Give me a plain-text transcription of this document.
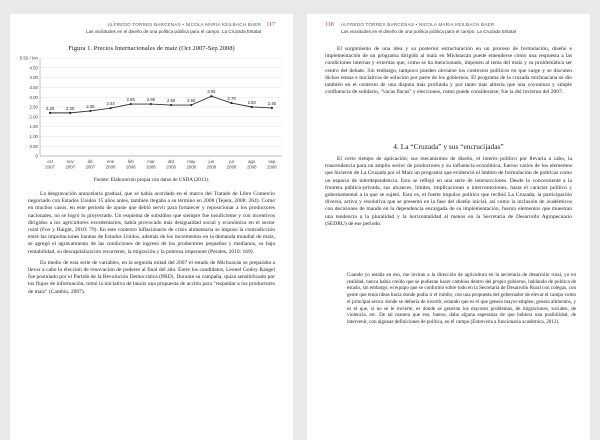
ALFREDO TORRES BARCENAS • NICOLA MARIA KEILBACH BAER
Las vicisitudes en el diseño de una política pública para el campo. La Cruzada Estatal
117
Figura 1. Precios Internacionales de maíz (Oct 2007-Sep 2008)
0
0.50
1.00
1.50
2.00
2.50
3.00
3.50
4.00
4.50
5.50 / ton
oct
2007
nov
2007
dic
2007
ene
2008
feb
2008
mar
2008
abr
2008
may
2008
jun
2008
jul
2008
ago
2008
sep
2008
2.20	2.20	2.30
2.44
2.65	2.65	2.60	2.60
3.05
2.70
2.50	2.45
Fuente: Elaboración propia con datos de USDA (2013).

La desgravación arancelaria gradual, que se había acordado en el marco del Tratado de Libre Comercio negociado con Estados Unidos 15 años antes, también llegaba a su término en 2008 (Tejera, 2008: 264). Como en muchos casos, en este periodo de ajuste que debió servir para fortalecer y reposicionar a los productores nacionales, no se logró lo proyectado. Un esquema de subsidios que siempre fue insuficiente y con incentivos dirigidos a los agricultores excedentarios, había provocado más desigualdad social y económica en el sector rural (Fox y Haight, 2010: 79). En este contexto inflacionario de crisis alimentaria se impuso la contradicción entre las importaciones baratas de Estados Unidos, además de los incrementos en la demanda mundial de maíz, se agregó el agravamiento de las condiciones de ingreso de los productores pequeños y medianos, su baja rentabilidad, su descapitalización recurrente, la migración y la pobreza imperante (Perales, 2010: 169).

En medio de esta serie de variables, en la segunda mitad del 2007 el estado de Michoacán se preparaba a llevar a cabo la elección de renovación de poderes al final del año. Entre los candidatos, Leonel Godoy Rangel fue postulado por el Partido de la Revolución Democrática (PRD). Durante su campaña, quizá sensibilizado por los flujos de información, tomó la iniciativa de lanzar una propuesta de acción para "respaldar a los productores de maíz" (Cambio, 2007).

118	ALFREDO TORRES BARCENAS • NICOLA MARIA KEILBACH BAER
Las vicisitudes en el diseño de una política pública para el campo. La Cruzada Estatal

El surgimiento de una idea y su posterior estructuración en un proceso de formulación, diseño e implementación de un programa dirigido al maíz en Michoacán puede entenderse como una respuesta a las condiciones internas y externas que, como se ha mencionado, imponen al tema del maíz y su problemática ser centro del debate. Sin embargo, tampoco pueden obviarse los contextos políticos en que surge y se discuten dichos temas e iniciativas de solución por parte de los gobiernos. El programa de la cruzada michoacana se dio también en el contexto de una disputa más profunda y por tanto más abierta que una coyuntura y simple confluencia de solidario, "vacas flacas" y elecciones, como puede considerarse; fue la del invierno del 2007.

4. La “Cruzada” y sus “encrucijadas”

El corto tiempo de aplicación; sus mecanismos de diseño, el interés político por llevarla a cabo, la trascendencia para un amplio sector de productores y su influencia económica, fueron varios de los elementos que hicieron de La Cruzada por el Maíz un programa que evidenció el ámbito de formulación de políticas como un espacio de interdependencia. Esto se reflejó en una serie de intersecciones. Desde lo concerniente a la frontera público-privada, sus alcances, límites, implicaciones e interconexiones, hasta el carácter político y gubernamental a la que se sujetó. Esto es, el fuerte impulso político que recibió La Cruzada, la participación diversa, activa y resolutiva que se presentó en la fase del diseño inicial, así como la inclusión de académicos con decisiones de mando en la dependencia encargada de su implementación, fueron elementos que muestran una tendencia a la pluralidad y la horizontalidad al menos en la Secretaría de Desarrollo Agropecuario (SEDRU) de ese periodo.

Cuando yo estaba en eso, me invitan a la dirección de agricultura en la secretaría de desarrollo rural, yo en realidad, nunca había creído que se pudieran hacer cambios dentro del propio gobierno, hablando de política de estado, sin embargo, el equipo que se conformó sobre todo en la Secretaría de Desarrollo Rural con colegas, con gente que tenía ideas hacia donde podía ir el rumbo, con una propuesta del gobernador de elevar el campo como el principal sector donde se debería de invertir, estando que es el que genera mayor empleo, genera alimentos, y es el que, si no se le invierte, es donde se generan los mayores problemas, de migraciones, sociales, de violencia, etc. De tal manera que eso, bueno, daba alguna esperanza de que hubiera una posibilidad, de intervenir, con algunas definiciones de política, en el campo (Entrevista a funcionaria académica, 2012).
